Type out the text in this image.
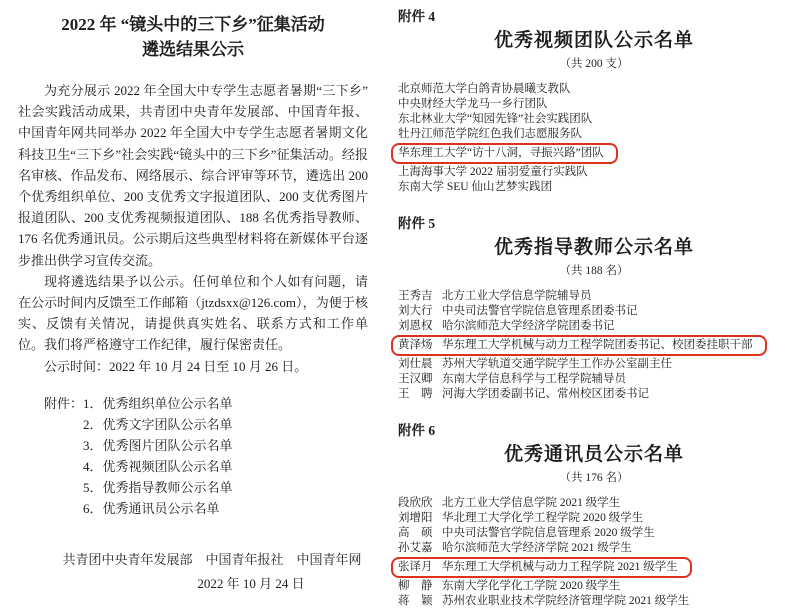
2022 年 “镜头中的三下乡”征集活动
遴选结果公示

为充分展示 2022 年全国大中专学生志愿者暑期“三下乡”社会实践活动成果，共青团中央青年发展部、中国青年报、中国青年网共同举办 2022 年全国大中专学生志愿者暑期文化科技卫生“三下乡”社会实践“镜头中的三下乡”征集活动。经报名审核、作品发布、网络展示、综合评审等环节，遴选出 200 个优秀组织单位、200 支优秀文字报道团队、200 支优秀图片报道团队、200 支优秀视频报道团队、188 名优秀指导教师、176 名优秀通讯员。公示期后这些典型材料将在新媒体平台逐步推出供学习宣传交流。

现将遴选结果予以公示。任何单位和个人如有问题，请在公示时间内反馈至工作邮箱（jtzdsxx@126.com），为便于核实、反馈有关情况，请提供真实姓名、联系方式和工作单位。我们将严格遵守工作纪律，履行保密责任。

公示时间：2022 年 10 月 24 日至 10 月 26 日。

附件： 1．优秀组织单位公示名单
2．优秀文字团队公示名单
3．优秀图片团队公示名单
4．优秀视频团队公示名单
5．优秀指导教师公示名单
6．优秀通讯员公示名单
共青团中央青年发展部　中国青年报社　中国青年网
2022 年 10 月 24 日
附件 4
优秀视频团队公示名单
（共 200 支）
北京师范大学白鸽青协晨曦支教队
中央财经大学龙马一乡行团队
东北林业大学“知园先锋”社会实践团队
牡丹江师范学院红色我们志愿服务队
华东理工大学“访十八洞，寻振兴路”团队
上海海事大学 2022 届羽爱童行实践队
东南大学 SEU 仙山艺梦实践团
附件 5
优秀指导教师公示名单
（共 188 名）
王秀吉 北方工业大学信息学院辅导员
刘大行 中央司法警官学院信息管理系团委书记
刘恩权 哈尔滨师范大学经济学院团委书记
黄泽炀 华东理工大学机械与动力工程学院团委书记、校团委挂职干部
刘仕晨 苏州大学轨道交通学院学生工作办公室副主任
王汉卿 东南大学信息科学与工程学院辅导员
王　聘 河海大学团委副书记、常州校区团委书记
附件 6
优秀通讯员公示名单
（共 176 名）
段欣欣 北方工业大学信息学院 2021 级学生
刘增阳 华北理工大学化学工程学院 2020 级学生
高　硕 中央司法警官学院信息管理系 2020 级学生
孙艾嘉 哈尔滨师范大学经济学院 2021 级学生
张译月 华东理工大学机械与动力工程学院 2021 级学生
柳　静 东南大学化学化工学院 2020 级学生
蒋　颖 苏州农业职业技术学院经济管理学院 2021 级学生
